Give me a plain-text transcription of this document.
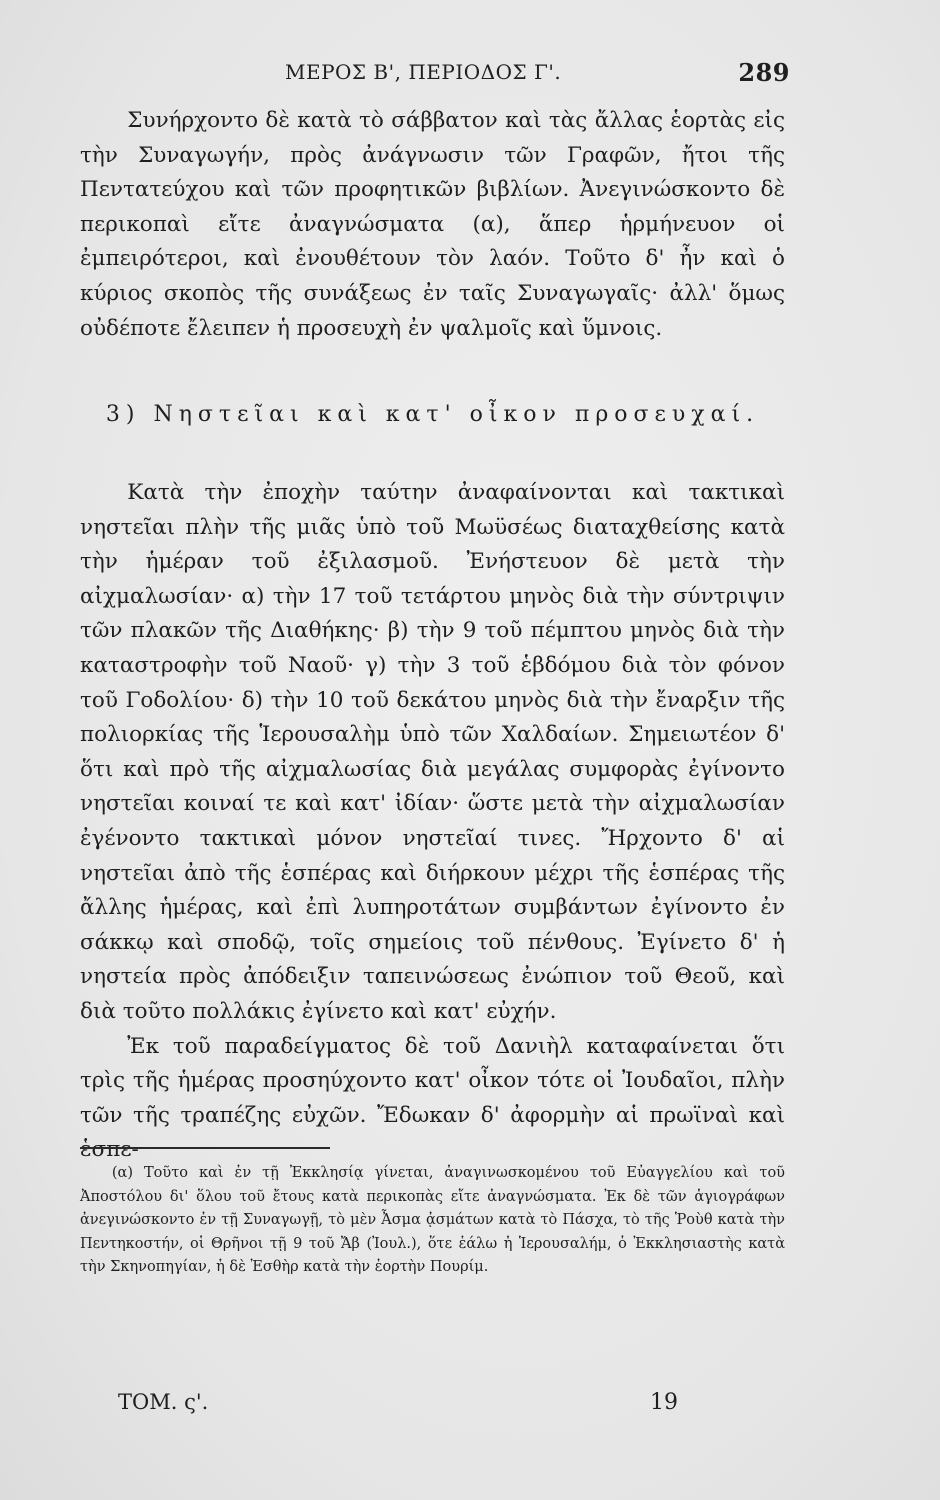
ΜΕΡΟΣ Β', ΠΕΡΙΟΔΟΣ Γ'.	289

Συνήρχοντο δὲ κατὰ τὸ σάββατον καὶ τὰς ἄλλας ἑορτὰς εἰς τὴν Συναγωγήν, πρὸς ἀνάγνωσιν τῶν Γραφῶν, ἤτοι τῆς Πεντατεύχου καὶ τῶν προφητικῶν βιβλίων. Ἀνεγινώσκοντο δὲ περικοπαὶ εἴτε ἀναγνώσματα (α), ἅπερ ἡρμήνευον οἱ ἐμπειρότεροι, καὶ ἐνουθέτουν τὸν λαόν. Τοῦτο δ' ἦν καὶ ὁ κύριος σκοπὸς τῆς συνάξεως ἐν ταῖς Συναγωγαῖς· ἀλλ' ὅμως οὐδέποτε ἔλειπεν ἡ προσευχὴ ἐν ψαλμοῖς καὶ ὕμνοις.

3) Νηστεῖαι καὶ κατ' οἶκον προσευχαί.

Κατὰ τὴν ἐποχὴν ταύτην ἀναφαίνονται καὶ τακτικαὶ νηστεῖαι πλὴν τῆς μιᾶς ὑπὸ τοῦ Μωϋσέως διαταχθείσης κατὰ τὴν ἡμέραν τοῦ ἐξιλασμοῦ. Ἐνήστευον δὲ μετὰ τὴν αἰχμαλωσίαν· α) τὴν 17 τοῦ τετάρτου μηνὸς διὰ τὴν σύντριψιν τῶν πλακῶν τῆς Διαθήκης· β) τὴν 9 τοῦ πέμπτου μηνὸς διὰ τὴν καταστροφὴν τοῦ Ναοῦ· γ) τὴν 3 τοῦ ἑβδόμου διὰ τὸν φόνον τοῦ Γοδολίου· δ) τὴν 10 τοῦ δεκάτου μηνὸς διὰ τὴν ἔναρξιν τῆς πολιορκίας τῆς Ἱερουσαλὴμ ὑπὸ τῶν Χαλδαίων. Σημειωτέον δ' ὅτι καὶ πρὸ τῆς αἰχμαλωσίας διὰ μεγάλας συμφορὰς ἐγίνοντο νηστεῖαι κοιναί τε καὶ κατ' ἰδίαν· ὥστε μετὰ τὴν αἰχμαλωσίαν ἐγένοντο τακτικαὶ μόνον νηστεῖαί τινες. Ἤρχοντο δ' αἱ νηστεῖαι ἀπὸ τῆς ἑσπέρας καὶ διήρκουν μέχρι τῆς ἑσπέρας τῆς ἄλλης ἡμέρας, καὶ ἐπὶ λυπηροτάτων συμβάντων ἐγίνοντο ἐν σάκκῳ καὶ σποδῷ, τοῖς σημείοις τοῦ πένθους. Ἐγίνετο δ' ἡ νηστεία πρὸς ἀπόδειξιν ταπεινώσεως ἐνώπιον τοῦ Θεοῦ, καὶ διὰ τοῦτο πολλάκις ἐγίνετο καὶ κατ' εὐχήν.

Ἐκ τοῦ παραδείγματος δὲ τοῦ Δανιὴλ καταφαίνεται ὅτι τρὶς τῆς ἡμέρας προσηύχοντο κατ' οἶκον τότε οἱ Ἰουδαῖοι, πλὴν τῶν τῆς τραπέζης εὐχῶν. Ἔδωκαν δ' ἀφορμὴν αἱ πρωϊναὶ καὶ ἑσπε-

(α) Τοῦτο καὶ ἐν τῇ Ἐκκλησίᾳ γίνεται, ἀναγινωσκομένου τοῦ Εὐαγγελίου καὶ τοῦ Ἀποστόλου δι' ὅλου τοῦ ἔτους κατὰ περικοπὰς εἴτε ἀναγνώσματα. Ἐκ δὲ τῶν ἁγιογράφων ἀνεγινώσκοντο ἐν τῇ Συναγωγῇ, τὸ μὲν Ἆσμα ᾀσμάτων κατὰ τὸ Πάσχα, τὸ τῆς Ῥοὺθ κατὰ τὴν Πεντηκοστήν, οἱ Θρῆνοι τῇ 9 τοῦ Ἄβ (Ἰουλ.), ὅτε ἑάλω ἡ Ἱερουσαλήμ, ὁ Ἐκκλησιαστὴς κατὰ τὴν Σκηνοπηγίαν, ἡ δὲ Ἐσθὴρ κατὰ τὴν ἑορτὴν Πουρίμ.

ΤΟΜ. ς'.	19
